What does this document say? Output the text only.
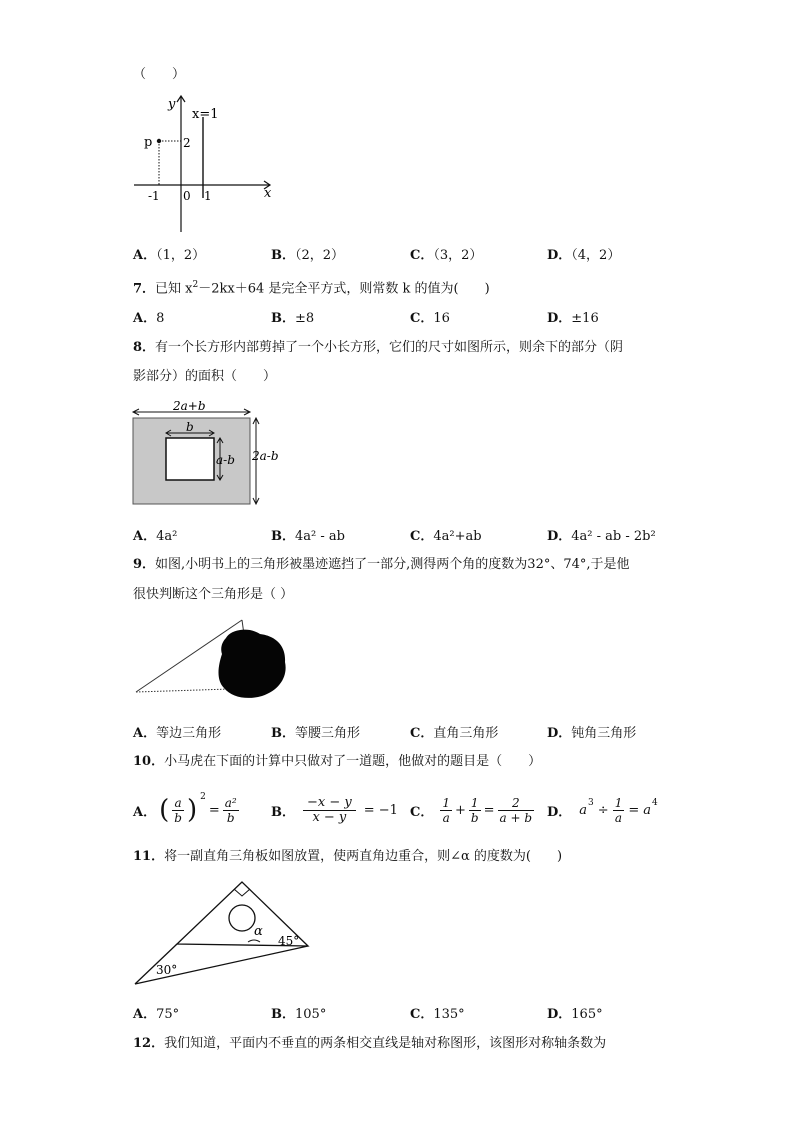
（　　）
y
x
x=1
p	2
-1 0 1
A．（1，2）	B．（2，2）	C．（3，2）	D．（4，2）
7．已知 $x^2-2kx+64$ 是完全平方式，则常数 k 的值为(　　)
A．8	B．±8	C．16	D．±16
8．有一个长方形内部剪掉了一个小长方形，它们的尺寸如图所示，则余下的部分（阴
影部分）的面积（　　）
2a+b
b
a-b 2a-b
A．4a²	B．4a² - ab	C．4a²+ab	D．4a² - ab - 2b²
9．如图,小明书上的三角形被墨迹遮挡了一部分,测得两个角的度数为32°、74°,于是他
很快判断这个三角形是（ ）
A．等边三角形	B．等腰三角形	C．直角三角形	D．钝角三角形
10．小马虎在下面的计算中只做对了一道题，他做对的题目是（　　）
A． ( $\frac{a}{b}$ ) $^2$
= $\frac{\text{a²}}{b}$ B． $\frac{-x - y}{x - y} = -1$ C． $\frac{1}{a} + \frac{1}{b} = \frac{2}{a + b}$ D． $a^3 \div \frac{1}{a} = a^4$
11．将一副直角三角板如图放置，使两直角边重合，则∠α 的度数为(　　)
α
45°
30°
A．75°	B．105°	C．135°	D．165°
12．我们知道，平面内不垂直的两条相交直线是轴对称图形，该图形对称轴条数为
